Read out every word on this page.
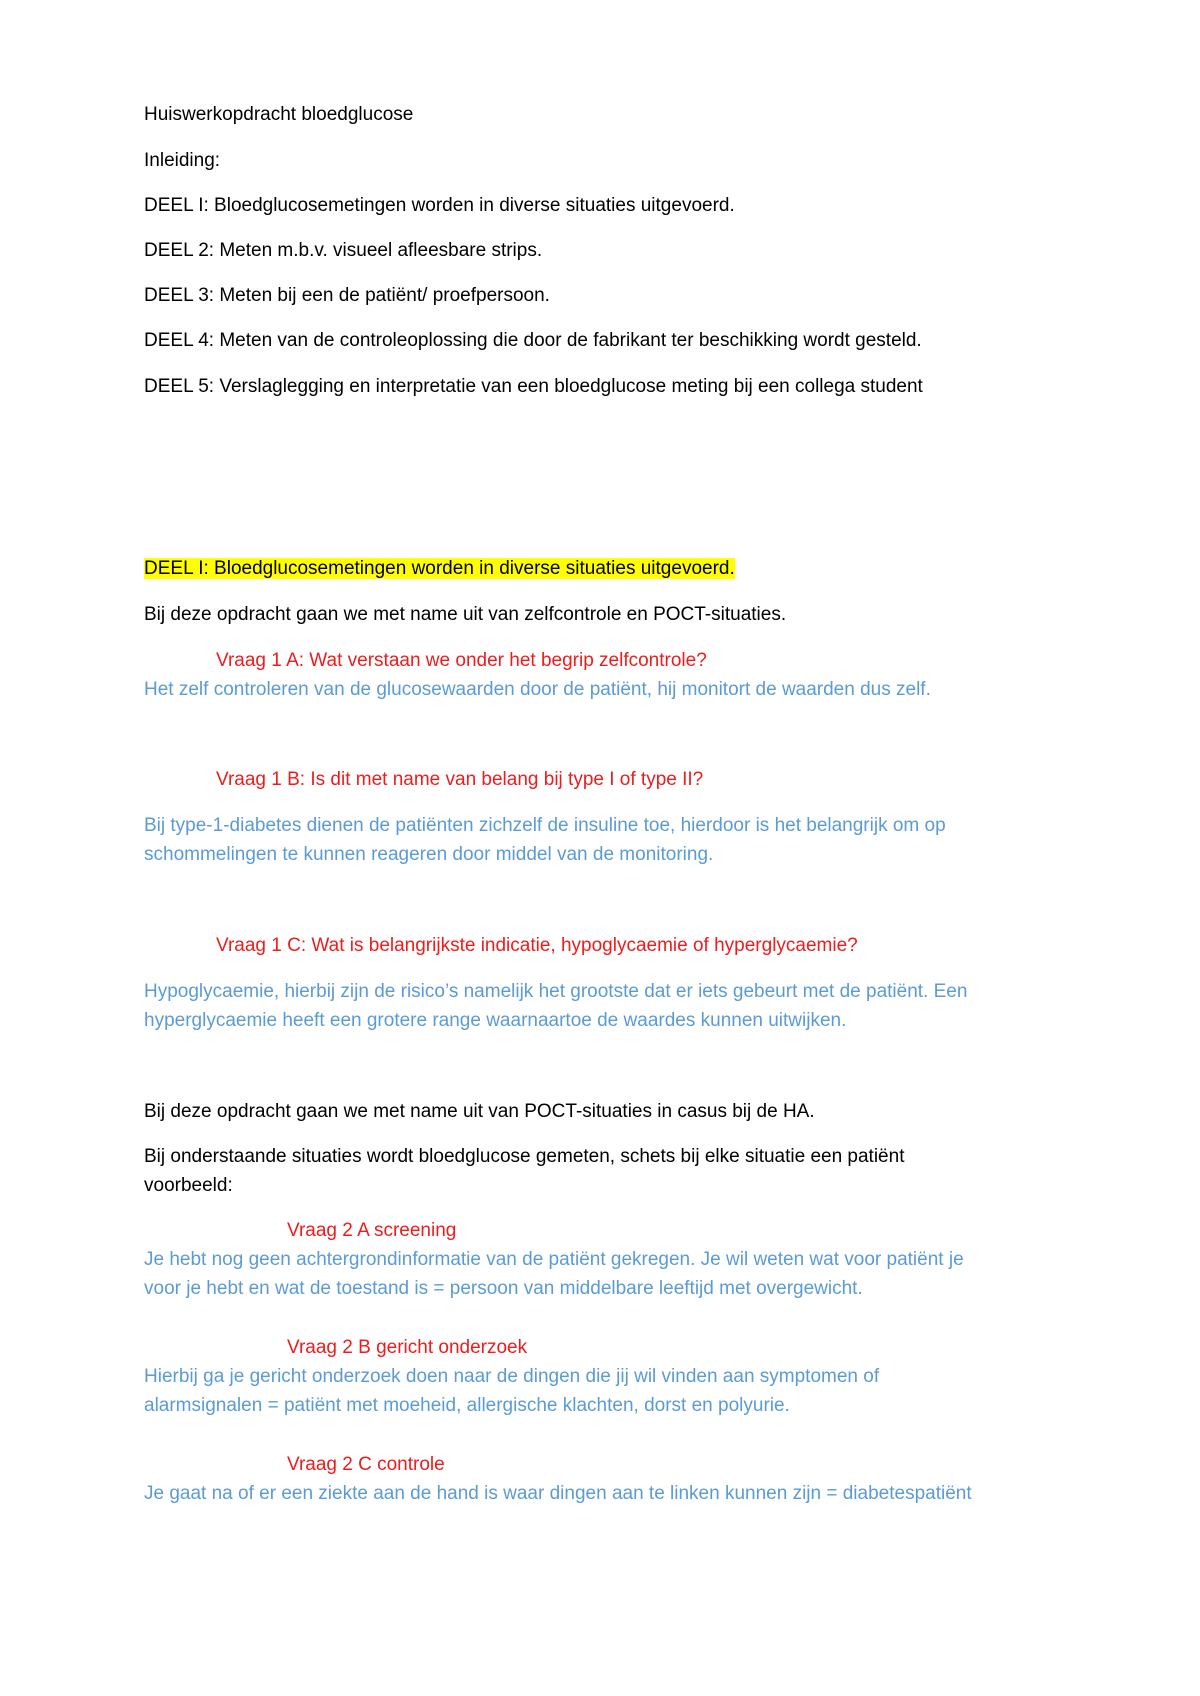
Huiswerkopdracht bloedglucose
Inleiding:
DEEL I: Bloedglucosemetingen worden in diverse situaties uitgevoerd.
DEEL 2: Meten m.b.v. visueel afleesbare strips.
DEEL 3: Meten bij een de patiënt/ proefpersoon.
DEEL 4: Meten van de controleoplossing die door de fabrikant ter beschikking wordt gesteld.
DEEL 5: Verslaglegging en interpretatie van een bloedglucose meting bij een collega student
DEEL I: Bloedglucosemetingen worden in diverse situaties uitgevoerd.
Bij deze opdracht gaan we met name uit van zelfcontrole en POCT-situaties.
Vraag 1 A: Wat verstaan we onder het begrip zelfcontrole?
Het zelf controleren van de glucosewaarden door de patiënt, hij monitort de waarden dus zelf.
Vraag 1 B: Is dit met name van belang bij type I of type II?
Bij type-1-diabetes dienen de patiënten zichzelf de insuline toe, hierdoor is het belangrijk om op
schommelingen te kunnen reageren door middel van de monitoring.
Vraag 1 C: Wat is belangrijkste indicatie, hypoglycaemie of hyperglycaemie?
Hypoglycaemie, hierbij zijn de risico’s namelijk het grootste dat er iets gebeurt met de patiënt. Een
hyperglycaemie heeft een grotere range waarnaartoe de waardes kunnen uitwijken.
Bij deze opdracht gaan we met name uit van POCT-situaties in casus bij de HA.
Bij onderstaande situaties wordt bloedglucose gemeten, schets bij elke situatie een patiënt
voorbeeld:
Vraag 2 A screening
Je hebt nog geen achtergrondinformatie van de patiënt gekregen. Je wil weten wat voor patiënt je
voor je hebt en wat de toestand is = persoon van middelbare leeftijd met overgewicht.
Vraag 2 B gericht onderzoek
Hierbij ga je gericht onderzoek doen naar de dingen die jij wil vinden aan symptomen of
alarmsignalen = patiënt met moeheid, allergische klachten, dorst en polyurie.
Vraag 2 C controle
Je gaat na of er een ziekte aan de hand is waar dingen aan te linken kunnen zijn = diabetespatiënt
